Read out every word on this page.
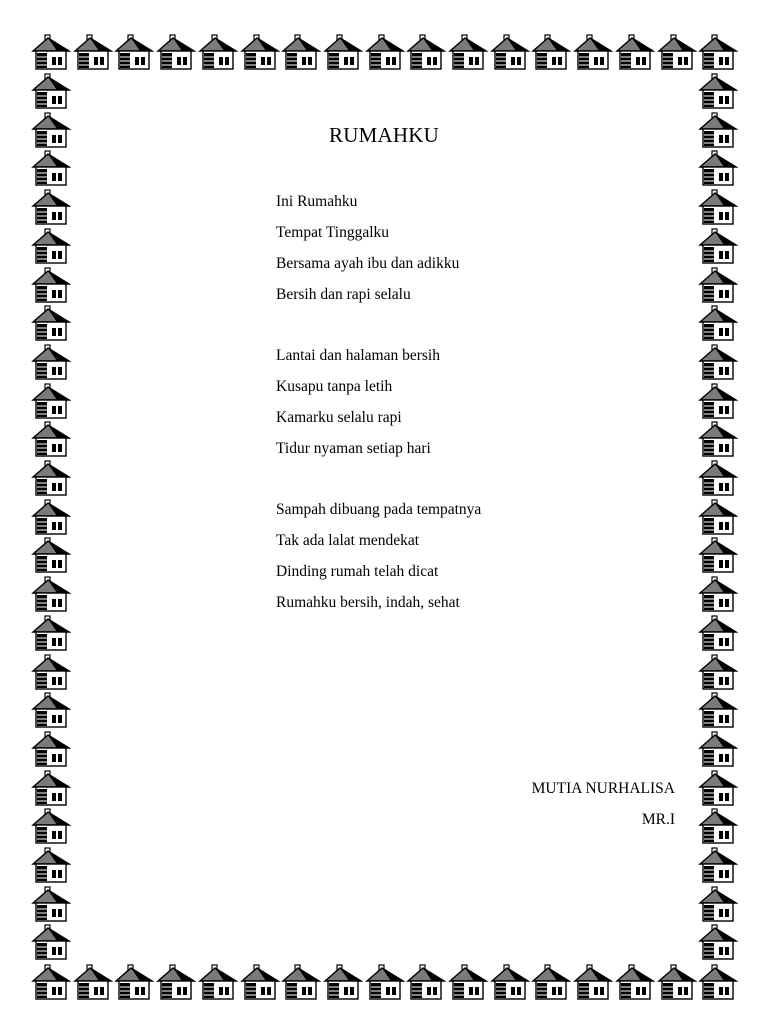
RUMAHKU
Ini Rumahku
Tempat Tinggalku
Bersama ayah ibu dan adikku
Bersih dan rapi selalu
Lantai dan halaman bersih
Kusapu tanpa letih
Kamarku selalu rapi
Tidur nyaman setiap hari
Sampah dibuang pada tempatnya
Tak ada lalat mendekat
Dinding rumah telah dicat
Rumahku bersih, indah, sehat
MUTIA NURHALISA
MR.I
